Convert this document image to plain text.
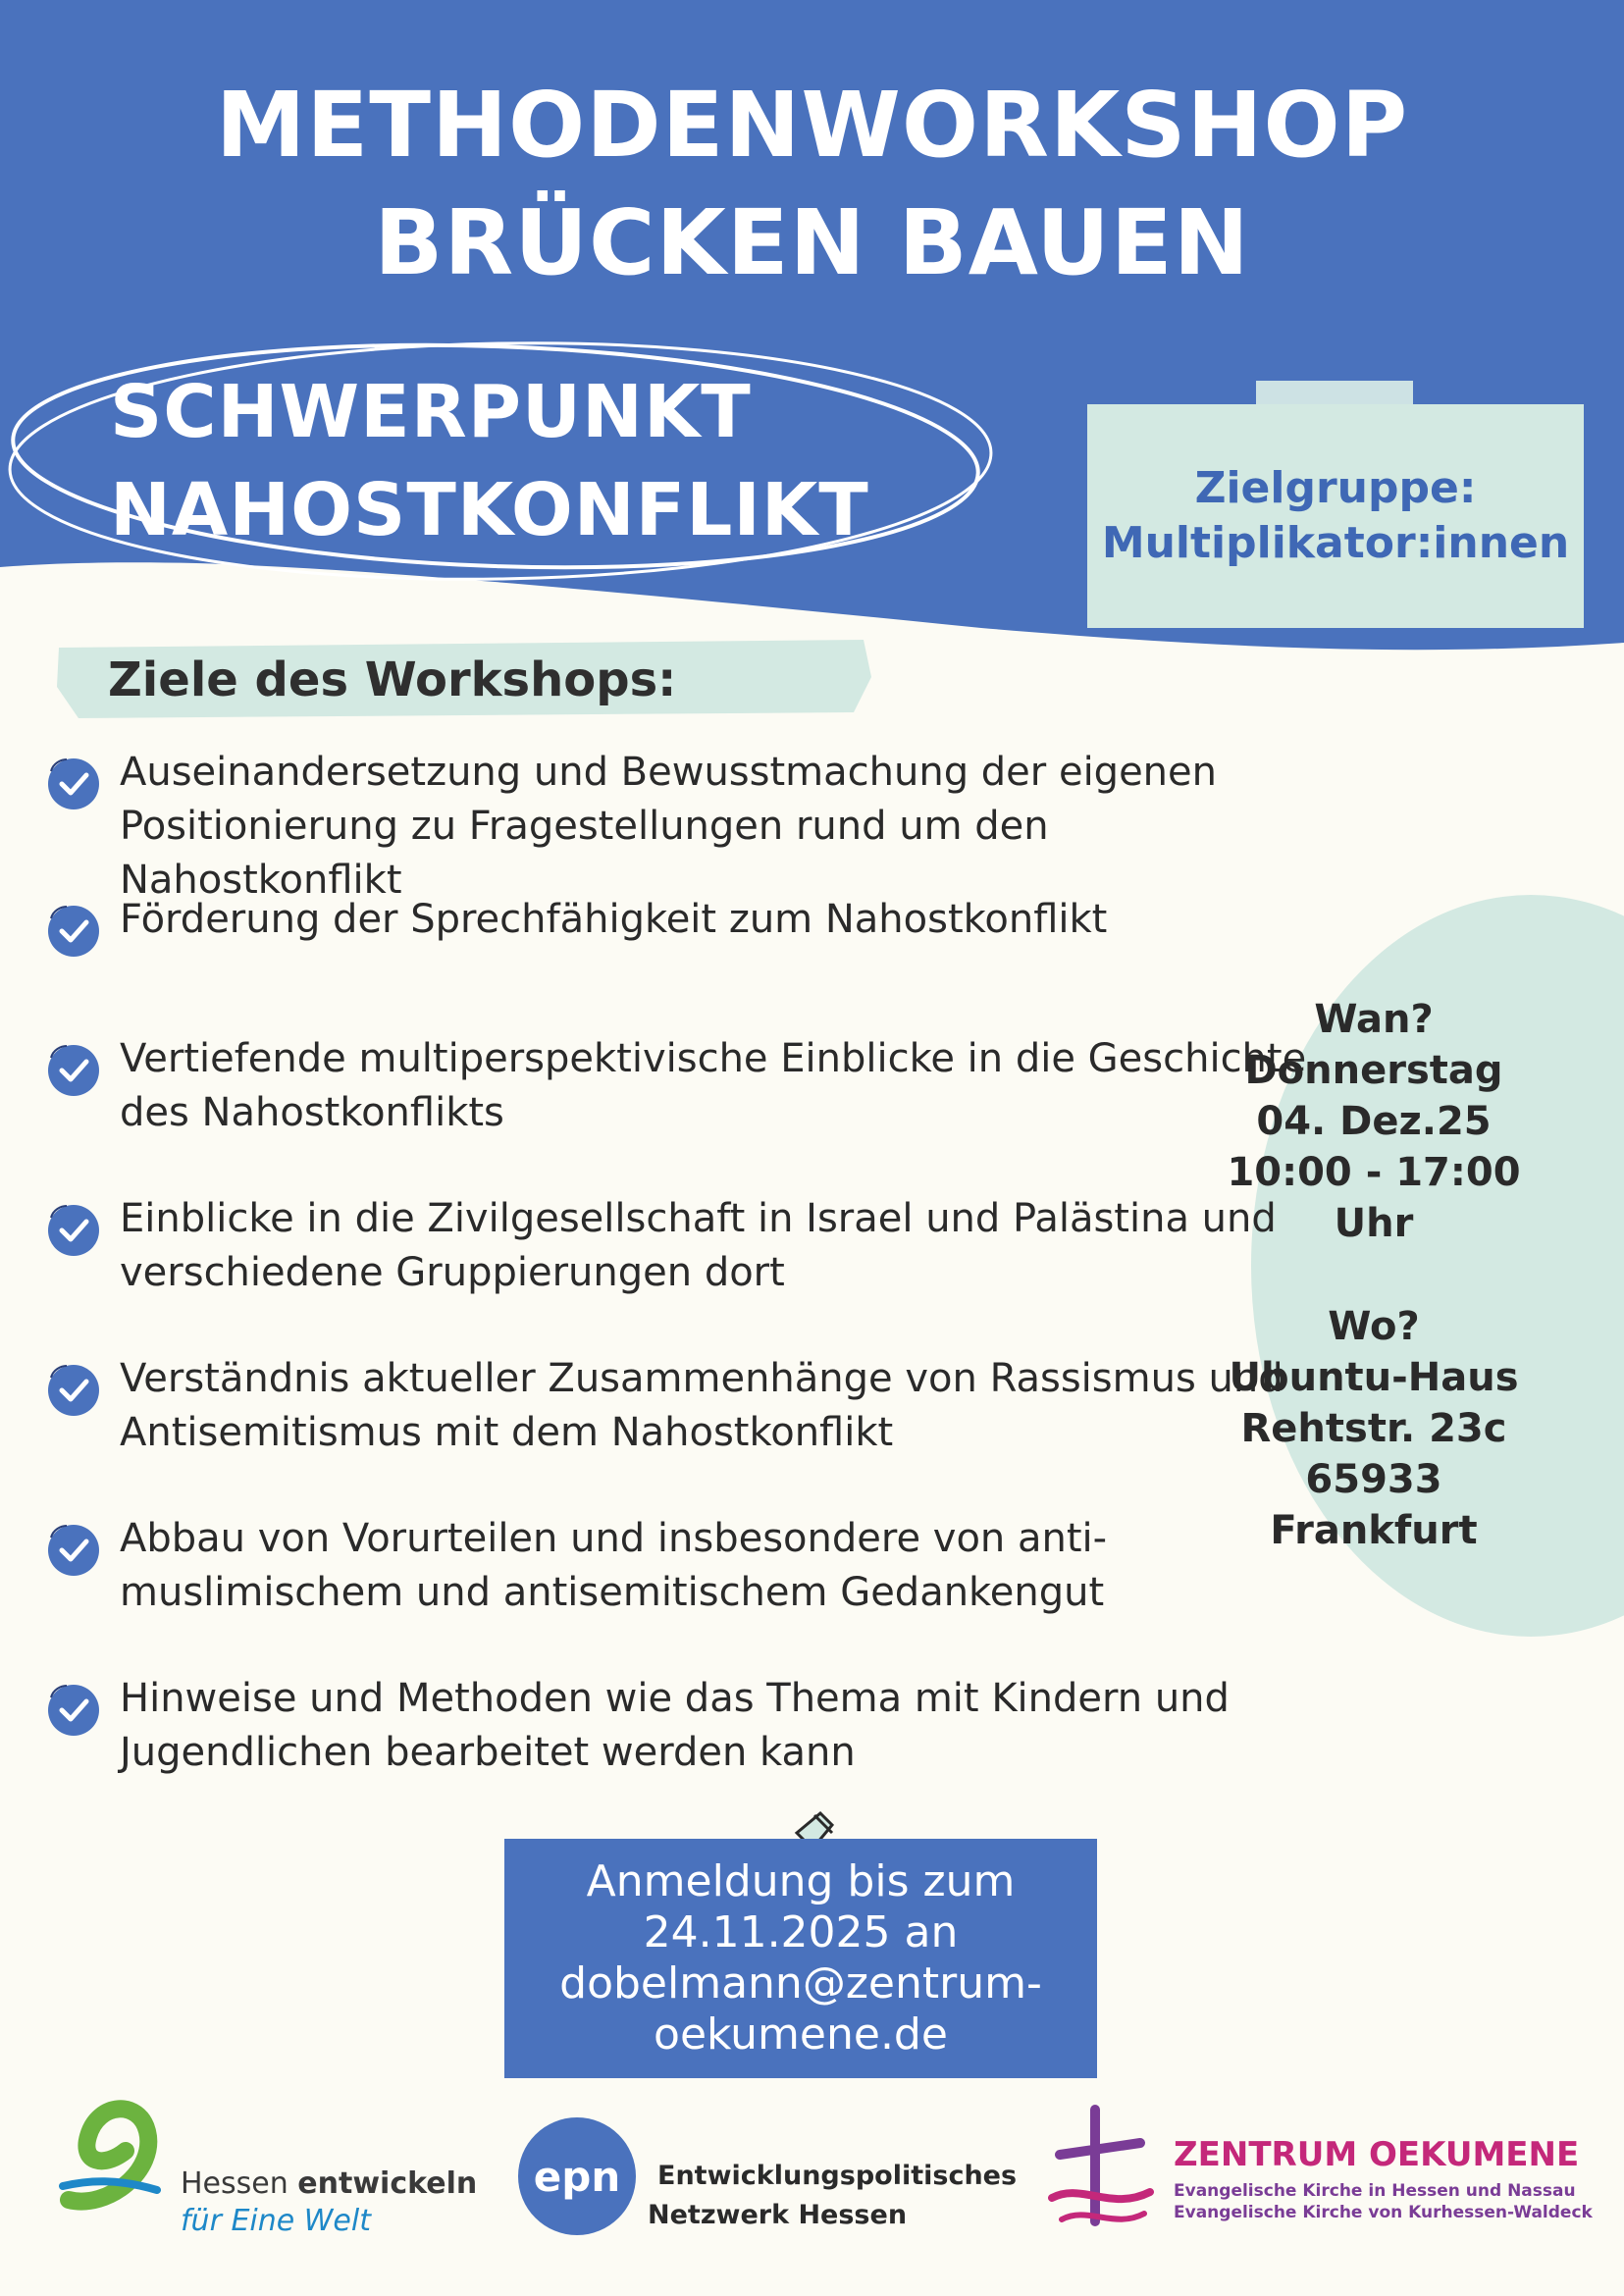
METHODENWORKSHOP
BRÜCKEN BAUEN
SCHWERPUNKT
NAHOSTKONFLIKT	Zielgruppe:
Multiplikator:innen
Ziele des Workshops:
Auseinandersetzung und Bewusstmachung der eigenen
Positionierung zu Fragestellungen rund um den Nahostkonflikt
Förderung der Sprechfähigkeit zum Nahostkonflikt
Vertiefende multiperspektivische Einblicke in die Geschichte
des Nahostkonflikts
Einblicke in die Zivilgesellschaft in Israel und Palästina und
verschiedene Gruppierungen dort
Verständnis aktueller Zusammenhänge von Rassismus und
Antisemitismus mit dem Nahostkonflikt
Abbau von Vorurteilen und insbesondere von anti-
muslimischem und antisemitischem Gedankengut
Hinweise und Methoden wie das Thema mit Kindern und
Jugendlichen bearbeitet werden kann
Wan?
Donnerstag
04. Dez.25
10:00 - 17:00
Uhr
Wo?
Ubuntu-Haus
Rehtstr. 23c
65933
Frankfurt
Anmeldung bis zum
24.11.2025 an
dobelmann@zentrum-
oekumene.de
Hessen entwickeln
für Eine Welt
epn Entwicklungspolitisches
Netzwerk Hessen
ZENTRUM OEKUMENE
Evangelische Kirche in Hessen und Nassau
Evangelische Kirche von Kurhessen-Waldeck
